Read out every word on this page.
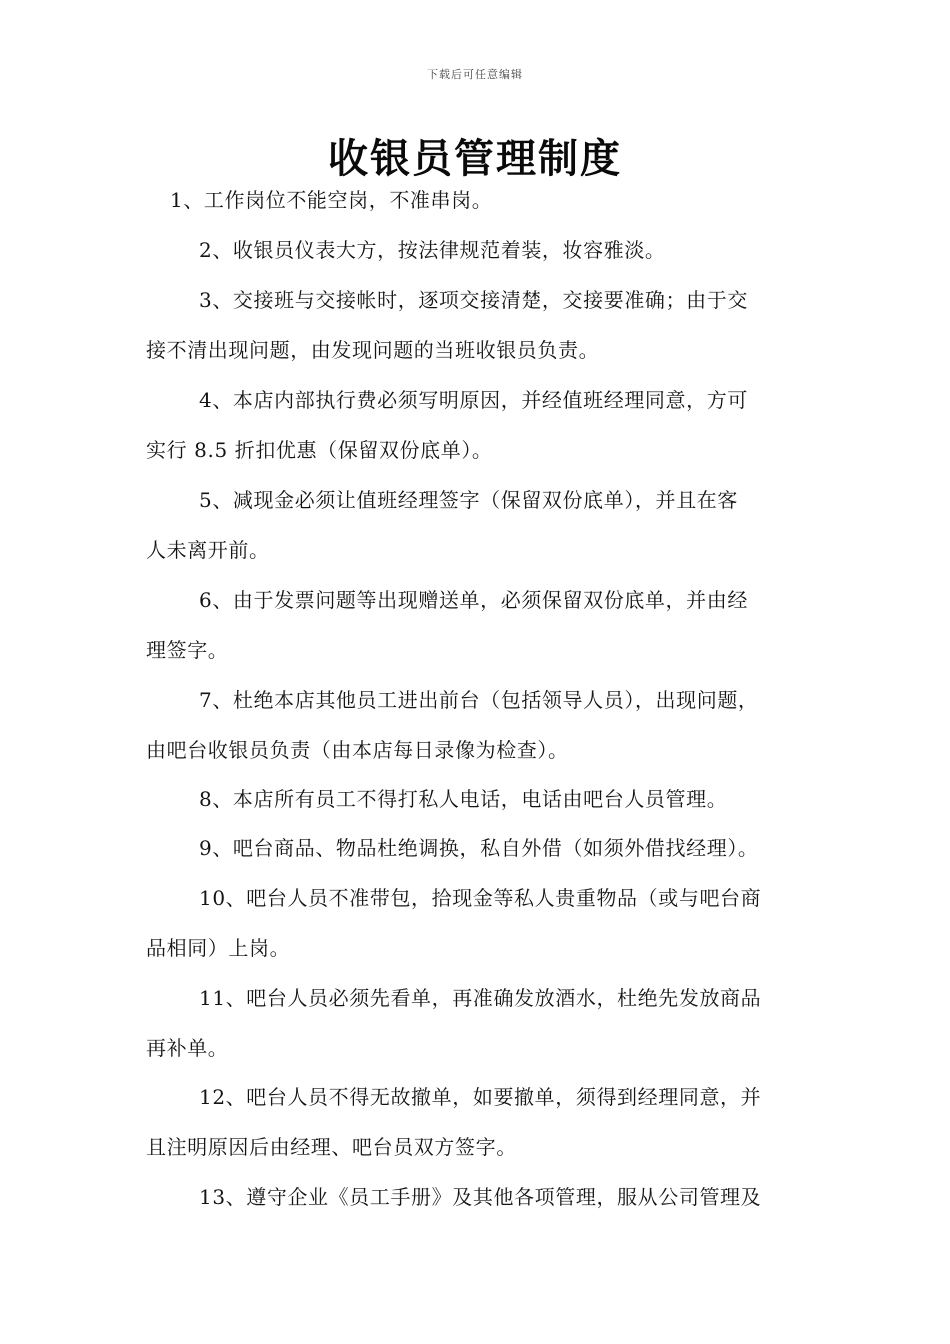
下载后可任意编辑
收银员管理制度
1、工作岗位不能空岗，不准串岗。
2、收银员仪表大方，按法律规范着装，妆容雅淡。
3、交接班与交接帐时，逐项交接清楚，交接要准确；由于交
接不清出现问题，由发现问题的当班收银员负责。
4、本店内部执行费必须写明原因，并经值班经理同意，方可
实行 8.5 折扣优惠（保留双份底单）。
5、减现金必须让值班经理签字（保留双份底单），并且在客
人未离开前。
6、由于发票问题等出现赠送单，必须保留双份底单，并由经
理签字。
7、杜绝本店其他员工进出前台（包括领导人员），出现问题，
由吧台收银员负责（由本店每日录像为检查）。
8、本店所有员工不得打私人电话，电话由吧台人员管理。
9、吧台商品、物品杜绝调换，私自外借（如须外借找经理）。
10、吧台人员不准带包，拾现金等私人贵重物品（或与吧台商
品相同）上岗。
11、吧台人员必须先看单，再准确发放酒水，杜绝先发放商品
再补单。
12、吧台人员不得无故撤单，如要撤单，须得到经理同意，并
且注明原因后由经理、吧台员双方签字。
13、遵守企业《员工手册》及其他各项管理，服从公司管理及
